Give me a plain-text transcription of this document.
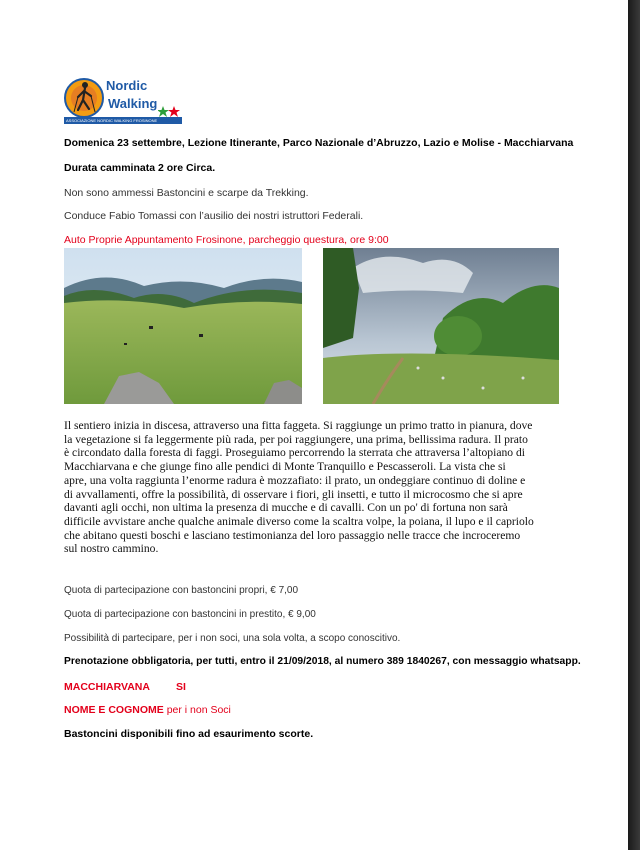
Nordic
Walking
ASSOCIAZIONE NORDIC WALKING FROSINONE
Domenica 23 settembre, Lezione Itinerante, Parco Nazionale d’Abruzzo, Lazio e Molise - Macchiarvana
Durata camminata 2 ore Circa.
Non sono ammessi Bastoncini e scarpe da Trekking.
Conduce Fabio Tomassi con l’ausilio dei nostri istruttori Federali.
Auto Proprie Appuntamento Frosinone, parcheggio questura, ore 9:00
Il sentiero inizia in discesa, attraverso una fitta faggeta. Si raggiunge un primo tratto in pianura, dove
la vegetazione si fa leggermente più rada, per poi raggiungere, una prima, bellissima radura. Il prato
è circondato dalla foresta di faggi. Proseguiamo percorrendo la sterrata che attraversa l’altopiano di
Macchiarvana e che giunge fino alle pendici di Monte Tranquillo e Pescasseroli. La vista che si
apre, una volta raggiunta l’enorme radura è mozzafiato: il prato, un ondeggiare continuo di doline e
di avvallamenti, offre la possibilità, di osservare i fiori, gli insetti, e tutto il microcosmo che si apre
davanti agli occhi, non ultima la presenza di mucche e di cavalli. Con un po' di fortuna non sarà
difficile avvistare anche qualche animale diverso come la scaltra volpe, la poiana, il lupo e il capriolo
che abitano questi boschi e lasciano testimonianza del loro passaggio nelle tracce che incroceremo
sul nostro cammino.
Quota di partecipazione con bastoncini propri, € 7,00
Quota di partecipazione con bastoncini in prestito, € 9,00
Possibilità di partecipare, per i non soci, una sola volta, a scopo conoscitivo.
Prenotazione obbligatoria, per tutti, entro il 21/09/2018, al numero 389 1840267, con messaggio whatsapp.
MACCHIARVANA SI
NOME E COGNOME per i non Soci
Bastoncini disponibili fino ad esaurimento scorte.
